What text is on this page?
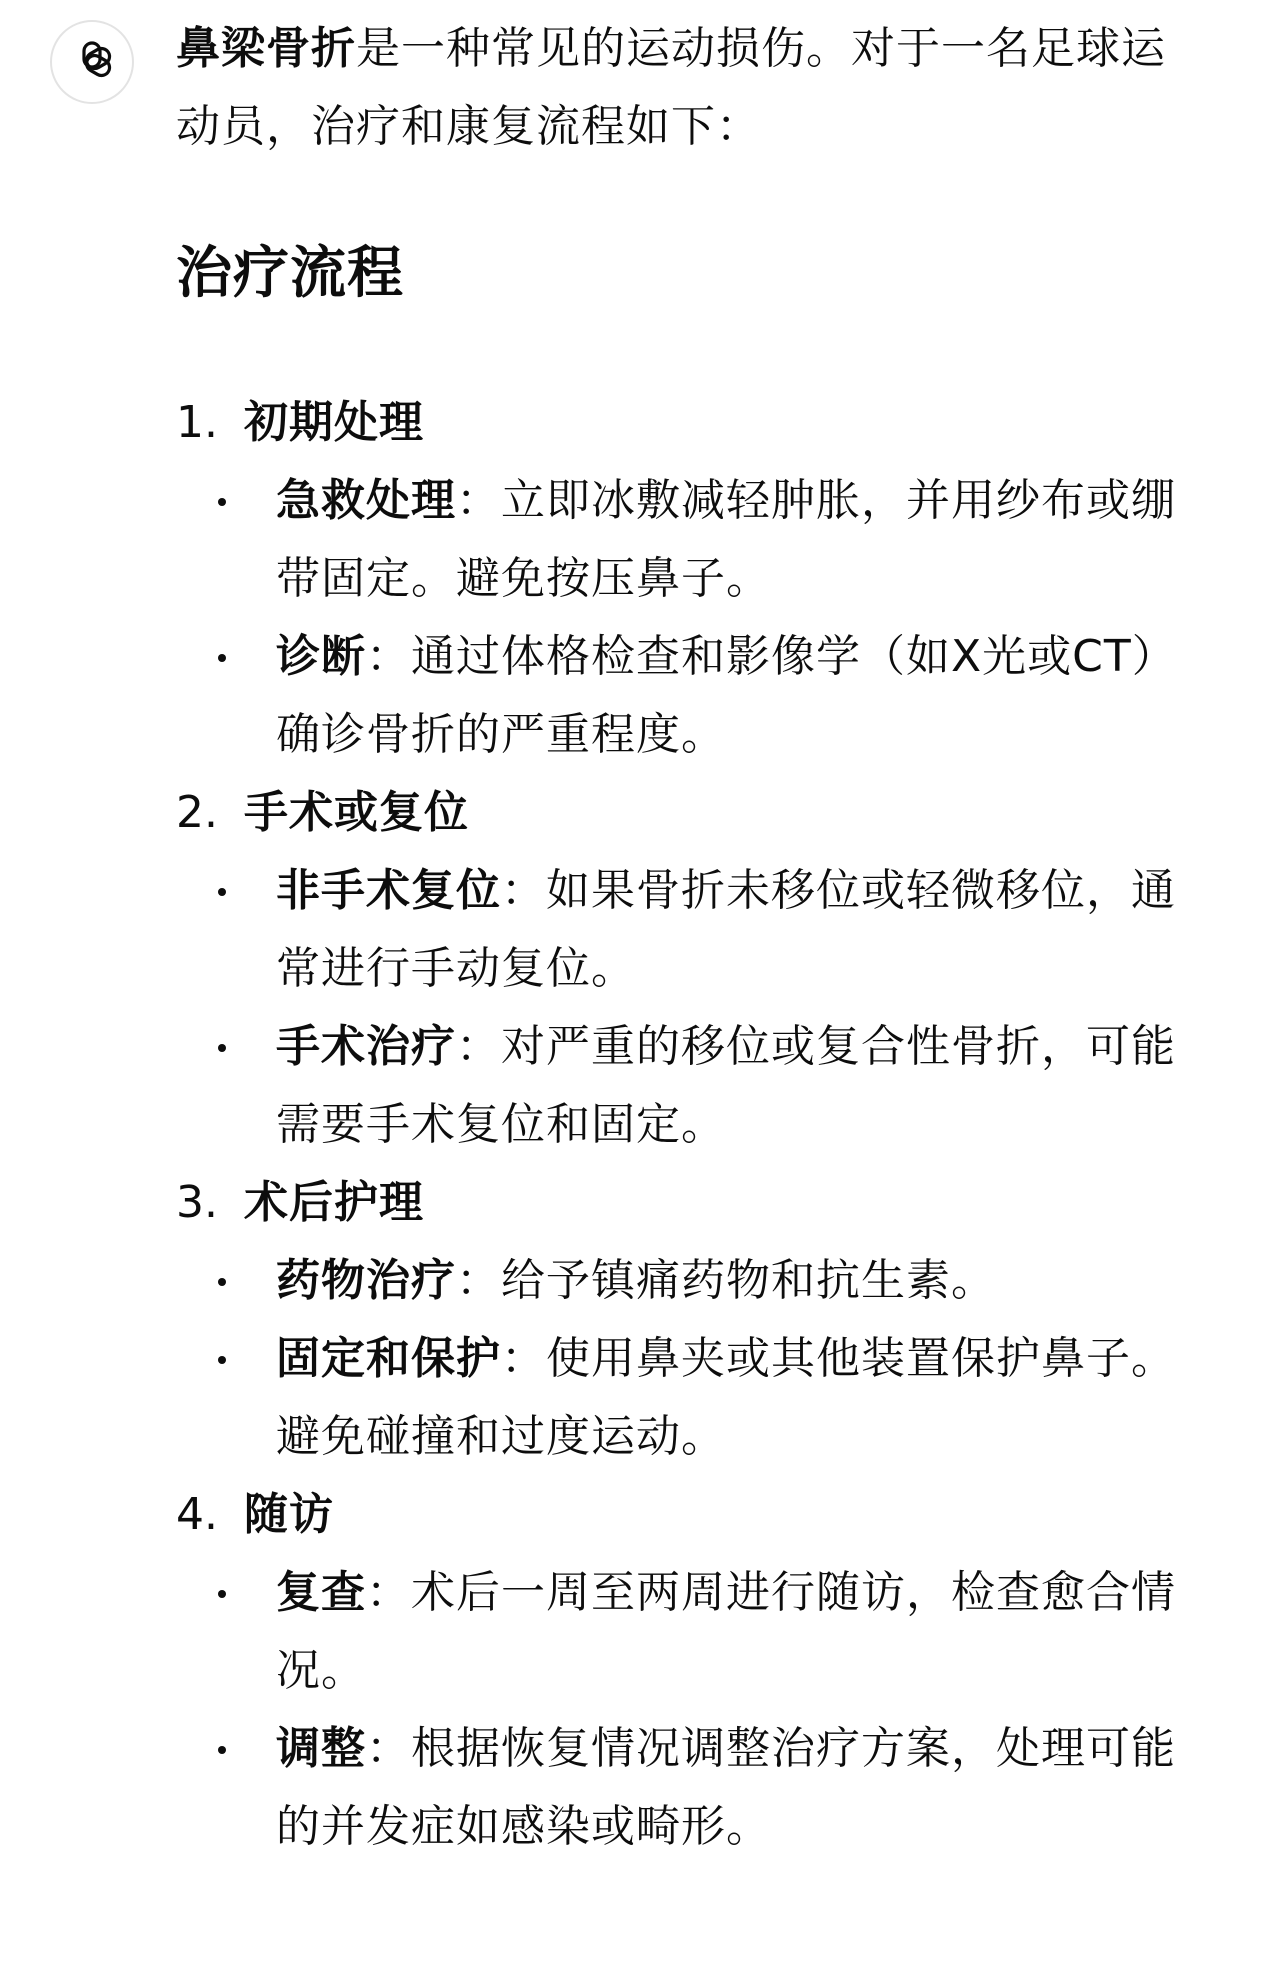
鼻梁骨折是一种常见的运动损伤。对于一名足球运动员，治疗和康复流程如下：

治疗流程
1. 初期处理
急救处理：立即冰敷减轻肿胀，并用纱布或绷带固定。避免按压鼻子。
诊断：通过体格检查和影像学（如X光或CT）确诊骨折的严重程度。
2. 手术或复位
非手术复位：如果骨折未移位或轻微移位，通常进行手动复位。
手术治疗：对严重的移位或复合性骨折，可能需要手术复位和固定。
3. 术后护理
药物治疗：给予镇痛药物和抗生素。
固定和保护：使用鼻夹或其他装置保护鼻子。避免碰撞和过度运动。
4. 随访
复查：术后一周至两周进行随访，检查愈合情况。
调整：根据恢复情况调整治疗方案，处理可能的并发症如感染或畸形。
